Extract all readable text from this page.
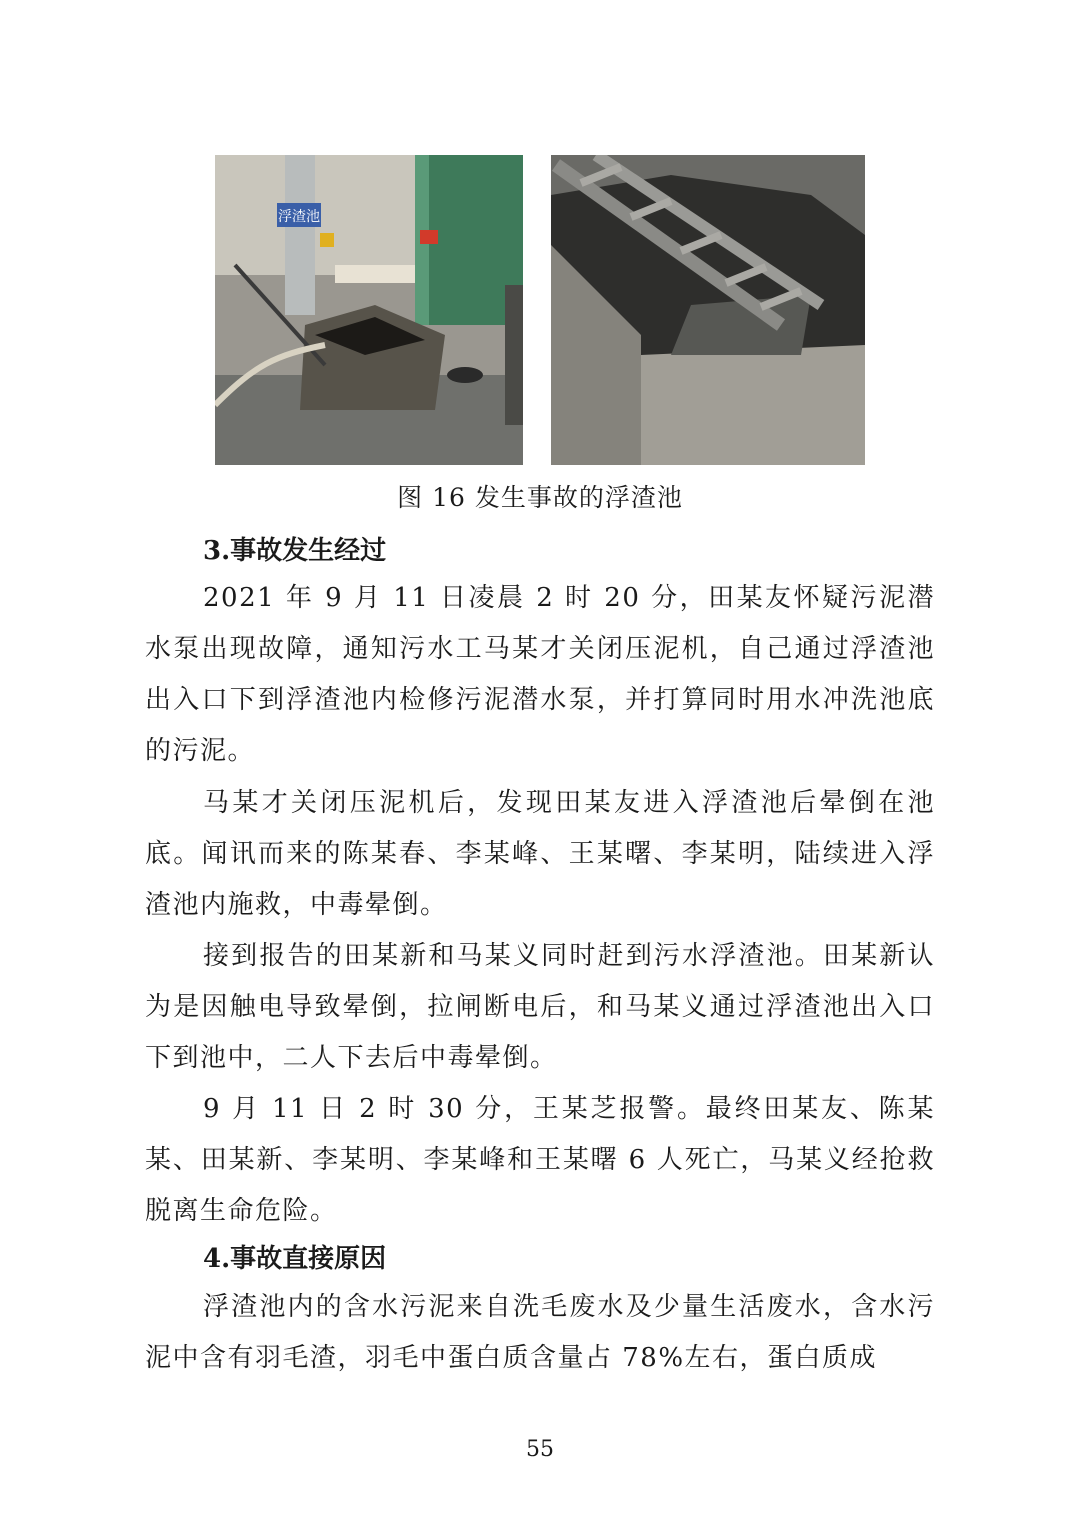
浮渣池
图 16 发生事故的浮渣池
3.事故发生经过
2021 年 9 月 11 日凌晨 2 时 20 分，田某友怀疑污泥潜水泵出现故障，通知污水工马某才关闭压泥机，自己通过浮渣池出入口下到浮渣池内检修污泥潜水泵，并打算同时用水冲洗池底的污泥。
马某才关闭压泥机后，发现田某友进入浮渣池后晕倒在池底。闻讯而来的陈某春、李某峰、王某曙、李某明，陆续进入浮渣池内施救，中毒晕倒。
接到报告的田某新和马某义同时赶到污水浮渣池。田某新认为是因触电导致晕倒，拉闸断电后，和马某义通过浮渣池出入口下到池中，二人下去后中毒晕倒。
9 月 11 日 2 时 30 分，王某芝报警。最终田某友、陈某某、田某新、李某明、李某峰和王某曙 6 人死亡，马某义经抢救脱离生命危险。
4.事故直接原因
浮渣池内的含水污泥来自洗毛废水及少量生活废水，含水污泥中含有羽毛渣，羽毛中蛋白质含量占 78%左右，蛋白质成
55
